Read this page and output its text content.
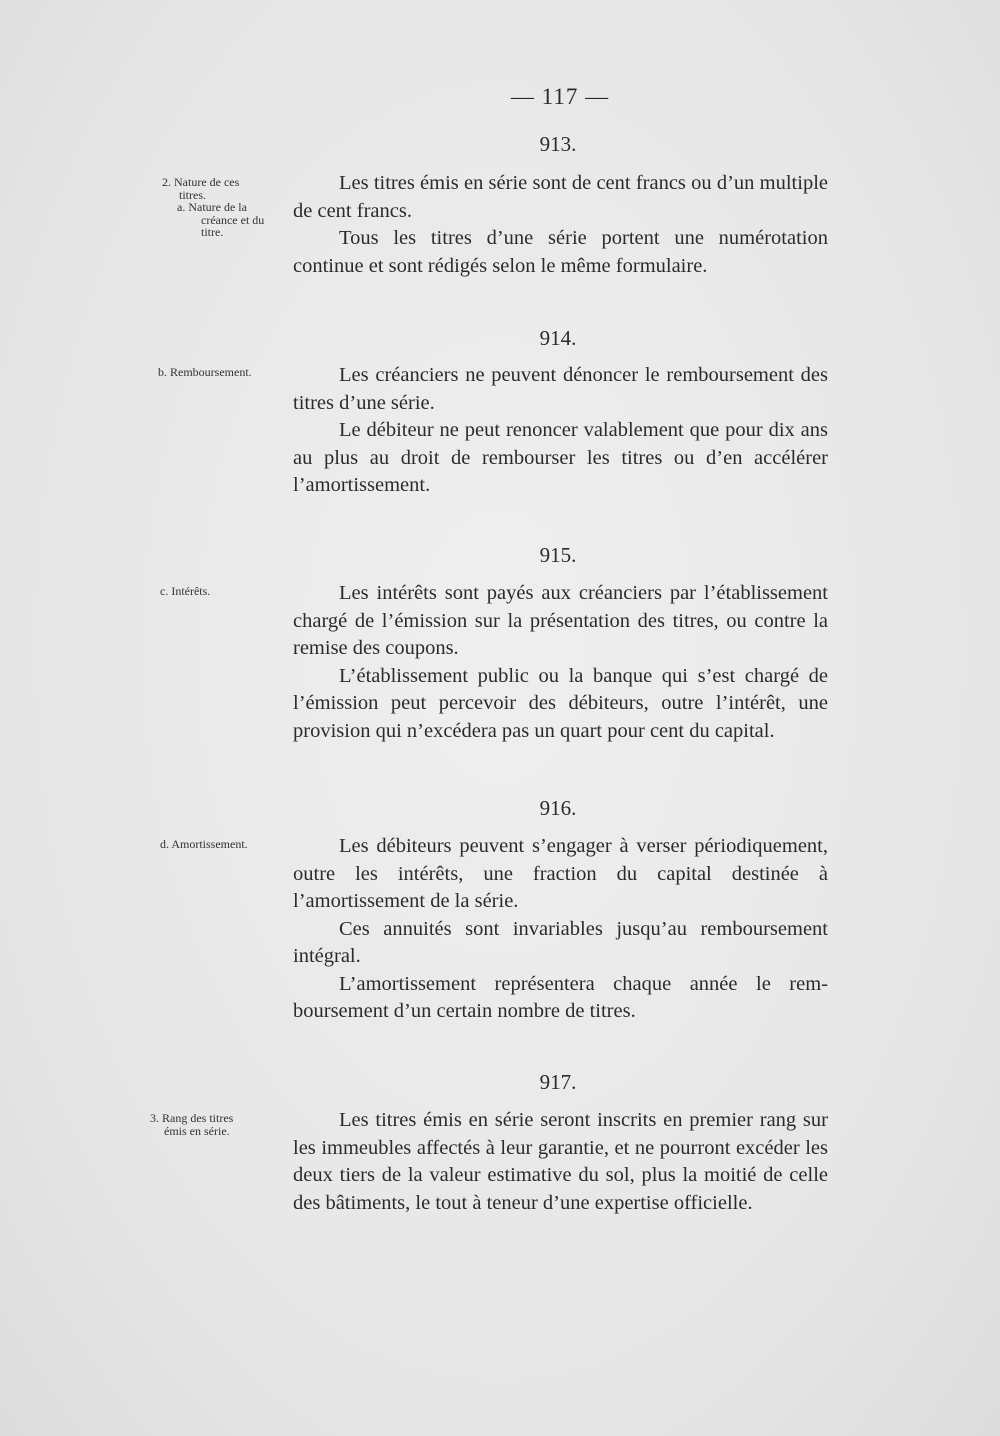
— 117 —
913.
2. Nature de ces
titres.
a. Nature de la
créance et du
titre.

Les titres émis en série sont de cent francs ou d’un multiple de cent francs.

Tous les titres d’une série portent une numérotation continue et sont rédigés selon le même formulaire.

914.
b. Remboursement.	Les créanciers ne peuvent dénoncer le remboursement des titres d’une série.

Le débiteur ne peut renoncer valablement que pour dix ans au plus au droit de rembourser les titres ou d’en accélérer l’amortissement.

915.
c. Intérêts.	Les intérêts sont payés aux créanciers par l’établissement chargé de l’émission sur la présentation des titres, ou contre la remise des coupons.

L’établissement public ou la banque qui s’est chargé de l’émission peut percevoir des débiteurs, outre l’intérêt, une provision qui n’excédera pas un quart pour cent du capital.

916.
d. Amortissement.	Les débiteurs peuvent s’engager à verser périodiquement, outre les intérêts, une fraction du capital destinée à l’amortissement de la série.

Ces annuités sont invariables jusqu’au remboursement intégral.

L’amortissement représentera chaque année le remboursement d’un certain nombre de titres.

917.
3. Rang des titres
émis en série.	Les titres émis en série seront inscrits en premier rang sur les immeubles affectés à leur garantie, et ne pourront excéder les deux tiers de la valeur estimative du sol, plus la moitié de celle des bâtiments, le tout à teneur d’une expertise officielle.
